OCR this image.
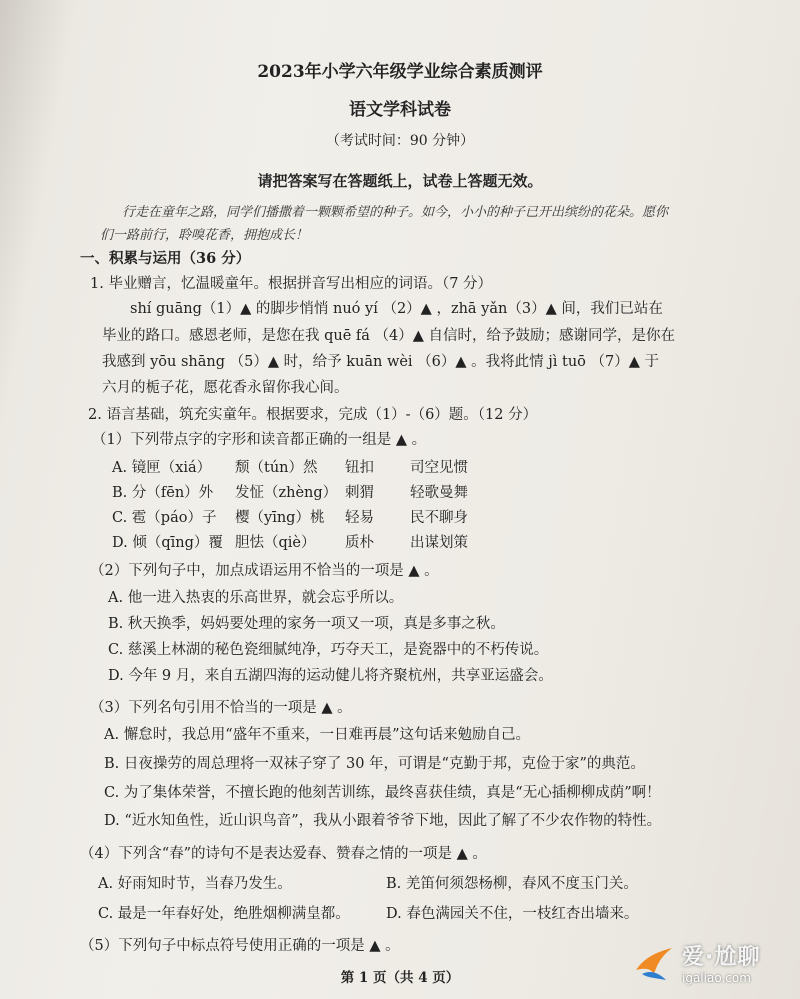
2023年小学六年级学业综合素质测评
语文学科试卷
（考试时间：90 分钟）
请把答案写在答题纸上，试卷上答题无效。
行走在童年之路，同学们播撒着一颗颗希望的种子。如今，小小的种子已开出缤纷的花朵。愿你
们一路前行，聆嗅花香，拥抱成长！
一、积累与运用（36 分）
1. 毕业赠言，忆温暖童年。根据拼音写出相应的词语。（7 分）
shí guāng（1）▲ 的脚步悄悄 nuó yí （2）▲ ，zhā yǎn（3）▲ 间，我们已站在
毕业的路口。感恩老师，是您在我 quē fá （4）▲ 自信时，给予鼓励；感谢同学，是你在
我感到 yōu shāng （5）▲ 时，给予 kuān wèi （6）▲ 。我将此情 jì tuō （7）▲ 于
六月的栀子花，愿花香永留你我心间。
2. 语言基础，筑充实童年。根据要求，完成（1）-（6）题。（12 分）
（1）下列带点字的字形和读音都正确的一组是 ▲ 。
A. 镜匣（xiá） 颓（tún）然 钮扣 司空见惯
B. 分（fēn）外 发怔（zhèng） 刺猬 轻歌曼舞
C. 雹（páo）子 樱（yīng）桃 轻易 民不聊身
D. 倾（qīng）覆 胆怯（qiè） 质朴 出谋划策
（2）下列句子中，加点成语运用不恰当的一项是 ▲ 。
A. 他一进入热衷的乐高世界，就会忘乎所以。
B. 秋天换季，妈妈要处理的家务一项又一项，真是多事之秋。
C. 慈溪上林湖的秘色瓷细腻纯净，巧夺天工，是瓷器中的不朽传说。
D. 今年 9 月，来自五湖四海的运动健儿将齐聚杭州，共享亚运盛会。
（3）下列名句引用不恰当的一项是 ▲ 。
A. 懈怠时，我总用“盛年不重来，一日难再晨”这句话来勉励自己。
B. 日夜操劳的周总理将一双袜子穿了 30 年，可谓是“克勤于邦，克俭于家”的典范。
C. 为了集体荣誉，不擅长跑的他刻苦训练，最终喜获佳绩，真是“无心插柳柳成荫”啊！
D. “近水知鱼性，近山识鸟音”，我从小跟着爷爷下地，因此了解了不少农作物的特性。
（4）下列含“春”的诗句不是表达爱春、赞春之情的一项是 ▲ 。
A. 好雨知时节，当春乃发生。	B. 羌笛何须怨杨柳，春风不度玉门关。
C. 最是一年春好处，绝胜烟柳满皇都。 D. 春色满园关不住，一枝红杏出墙来。
（5）下列句子中标点符号使用正确的一项是 ▲ 。
第 1 页（共 4 页）
爱·尬聊
igaliao.com
